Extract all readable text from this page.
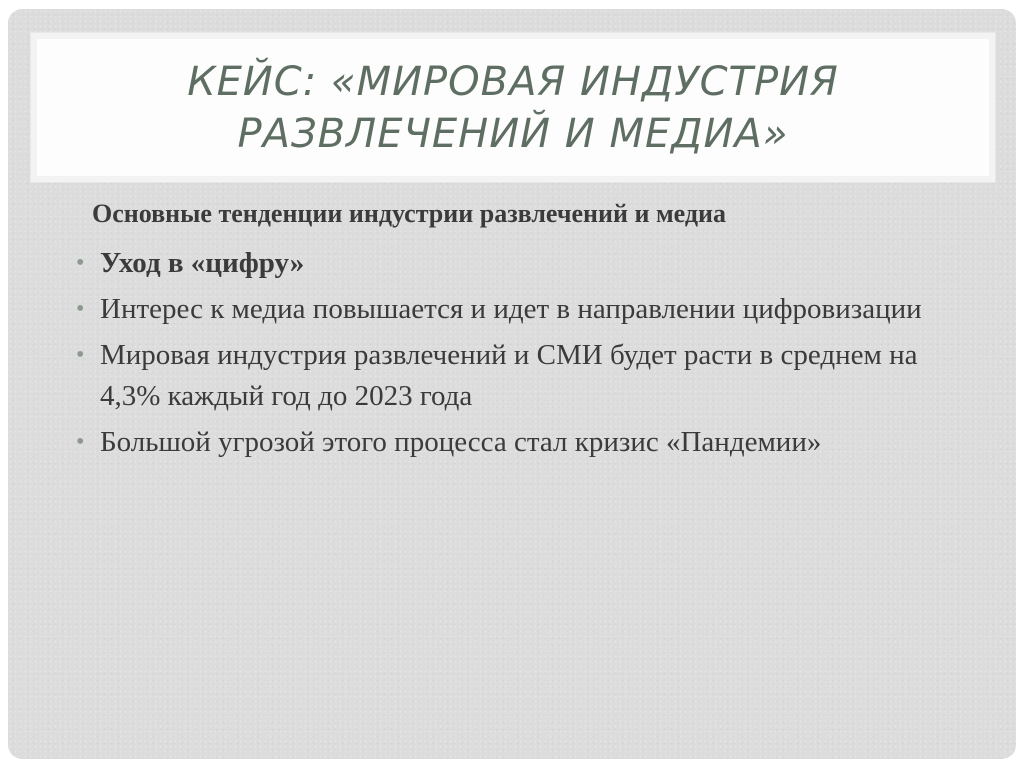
КЕЙС: «МИРОВАЯ ИНДУСТРИЯ РАЗВЛЕЧЕНИЙ И МЕДИА»

Основные тенденции индустрии развлечений и медиа

• Уход в «цифру»
• Интерес к медиа повышается и идет в направлении цифровизации
• Мировая индустрия развлечений и СМИ будет расти в среднем на 4,3% каждый год до 2023 года
• Большой угрозой этого процесса стал кризис «Пандемии»
